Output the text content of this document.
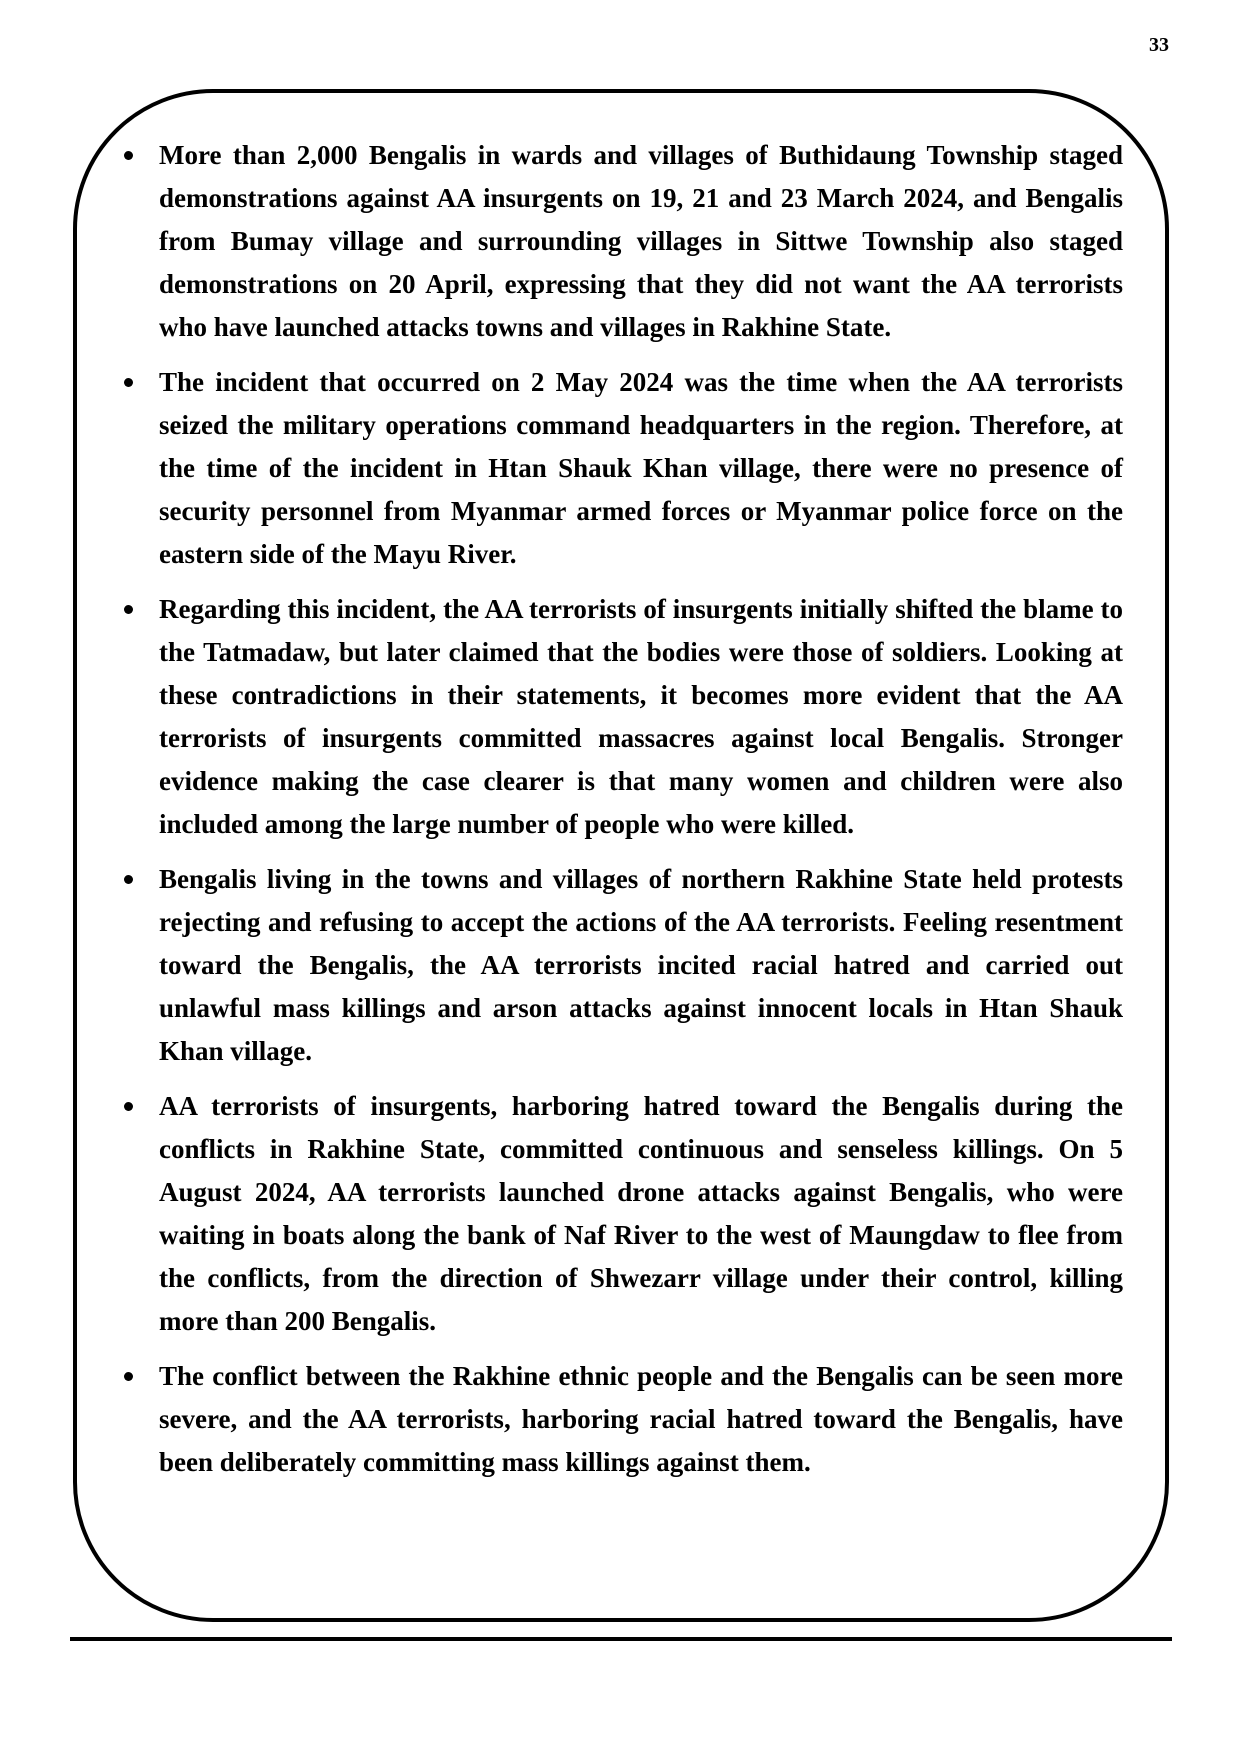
33
More than 2,000 Bengalis in wards and villages of Buthidaung Township staged demonstrations against AA insurgents on 19, 21 and 23 March 2024, and Bengalis from Bumay village and surrounding villages in Sittwe Township also staged demonstrations on 20 April, expressing that they did not want the AA terrorists who have launched attacks towns and villages in Rakhine State.
The incident that occurred on 2 May 2024 was the time when the AA terrorists seized the military operations command headquarters in the region. Therefore, at the time of the incident in Htan Shauk Khan village, there were no presence of security personnel from Myanmar armed forces or Myanmar police force on the eastern side of the Mayu River.
Regarding this incident, the AA terrorists of insurgents initially shifted the blame to the Tatmadaw, but later claimed that the bodies were those of soldiers. Looking at these contradictions in their statements, it becomes more evident that the AA terrorists of insurgents committed massacres against local Bengalis. Stronger evidence making the case clearer is that many women and children were also included among the large number of people who were killed.
Bengalis living in the towns and villages of northern Rakhine State held protests rejecting and refusing to accept the actions of the AA terrorists. Feeling resentment toward the Bengalis, the AA terrorists incited racial hatred and carried out unlawful mass killings and arson attacks against innocent locals in Htan Shauk Khan village.
AA terrorists of insurgents, harboring hatred toward the Bengalis during the conflicts in Rakhine State, committed continuous and senseless killings. On 5 August 2024, AA terrorists launched drone attacks against Bengalis, who were waiting in boats along the bank of Naf River to the west of Maungdaw to flee from the conflicts, from the direction of Shwezarr village under their control, killing more than 200 Bengalis.
The conflict between the Rakhine ethnic people and the Bengalis can be seen more severe, and the AA terrorists, harboring racial hatred toward the Bengalis, have been deliberately committing mass killings against them.
